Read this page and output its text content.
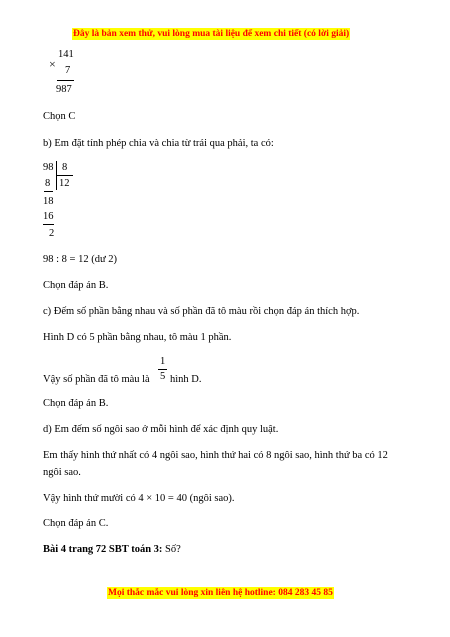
Đây là bản xem thử, vui lòng mua tài liệu để xem chi tiết (có lời giải)
×
141
7
987
Chọn C
b) Em đặt tính phép chia và chia từ trái qua phải, ta có:
98 8
8 12
18
16
2
98 : 8 = 12 (dư 2)
Chọn đáp án B.
c) Đếm số phần bằng nhau và số phần đã tô màu rồi chọn đáp án thích hợp.
Hình D có 5 phần bằng nhau, tô màu 1 phần.
Vậy số phần đã tô màu là
1
5 hình D.
Chọn đáp án B.
d) Em đếm số ngôi sao ở mỗi hình để xác định quy luật.
Em thấy hình thứ nhất có 4 ngôi sao, hình thứ hai có 8 ngôi sao, hình thứ ba có 12
ngôi sao.
Vậy hình thứ mười có 4 × 10 = 40 (ngôi sao).
Chọn đáp án C.
Bài 4 trang 72 SBT toán 3: Số?
Mọi thắc mắc vui lòng xin liên hệ hotline: 084 283 45 85
